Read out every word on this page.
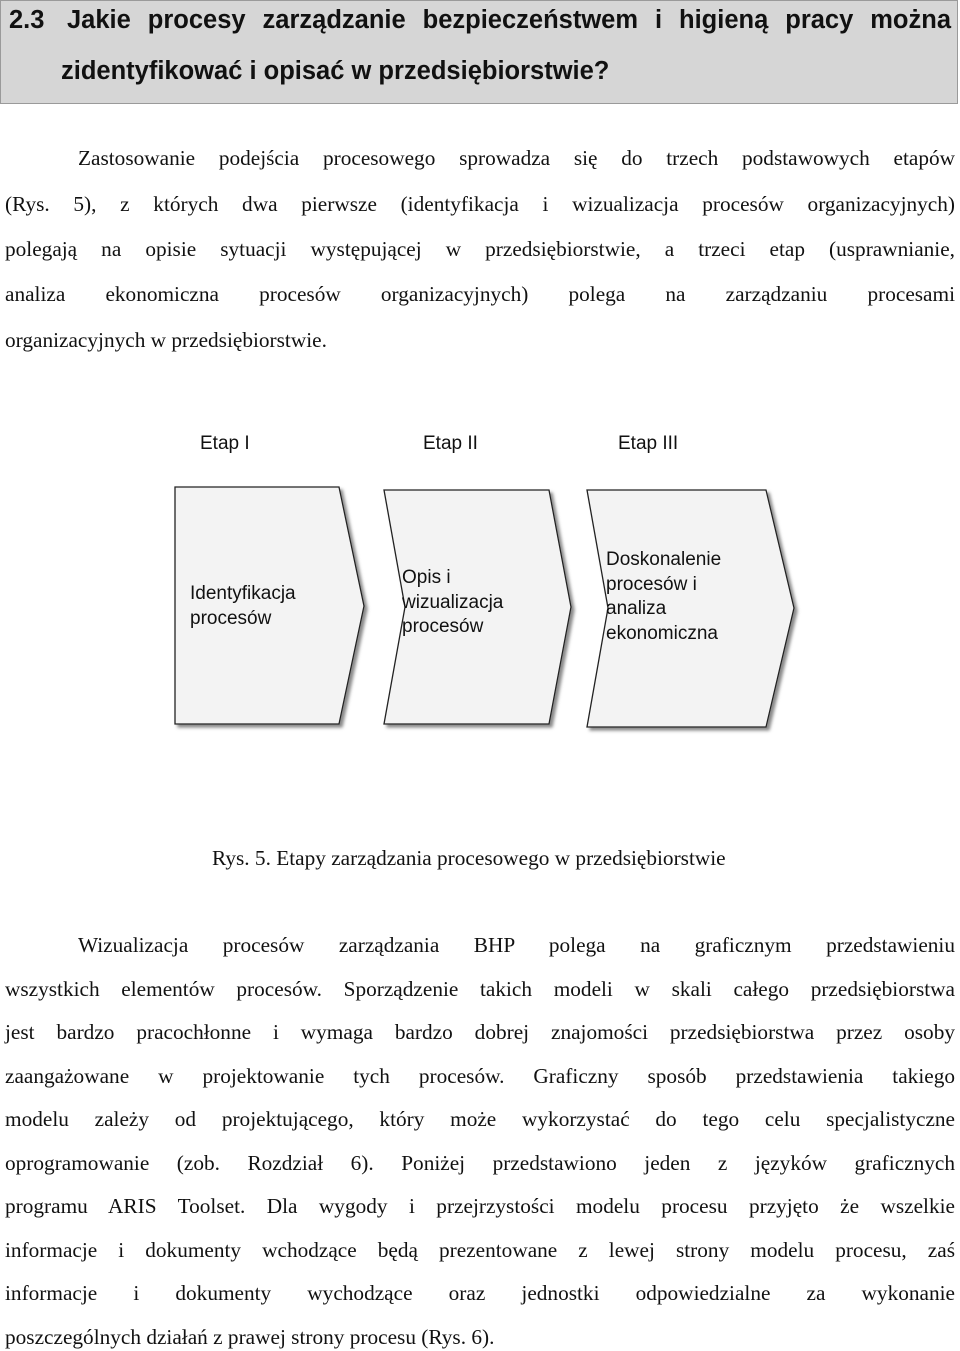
2.3 Jakie procesy zarządzanie bezpieczeństwem i higieną pracy można
zidentyfikować i opisać w przedsiębiorstwie?
Zastosowanie podejścia procesowego sprowadza się do trzech podstawowych etapów
(Rys. 5), z których dwa pierwsze (identyfikacja i wizualizacja procesów organizacyjnych)
polegają na opisie sytuacji występującej w przedsiębiorstwie, a trzeci etap (usprawnianie,
analiza ekonomiczna procesów organizacyjnych) polega na zarządzaniu procesami
organizacyjnych w przedsiębiorstwie.
Etap I	Etap II	Etap III
Identyfikacja
procesów
Opis i
wizualizacja
procesów
Doskonalenie
procesów i
analiza
ekonomiczna
Rys. 5. Etapy zarządzania procesowego w przedsiębiorstwie
Wizualizacja procesów zarządzania BHP polega na graficznym przedstawieniu
wszystkich elementów procesów. Sporządzenie takich modeli w skali całego przedsiębiorstwa
jest bardzo pracochłonne i wymaga bardzo dobrej znajomości przedsiębiorstwa przez osoby
zaangażowane w projektowanie tych procesów. Graficzny sposób przedstawienia takiego
modelu zależy od projektującego, który może wykorzystać do tego celu specjalistyczne
oprogramowanie (zob. Rozdział 6). Poniżej przedstawiono jeden z języków graficznych
programu ARIS Toolset. Dla wygody i przejrzystości modelu procesu przyjęto że wszelkie
informacje i dokumenty wchodzące będą prezentowane z lewej strony modelu procesu, zaś
informacje i dokumenty wychodzące oraz jednostki odpowiedzialne za wykonanie
poszczególnych działań z prawej strony procesu (Rys. 6).
